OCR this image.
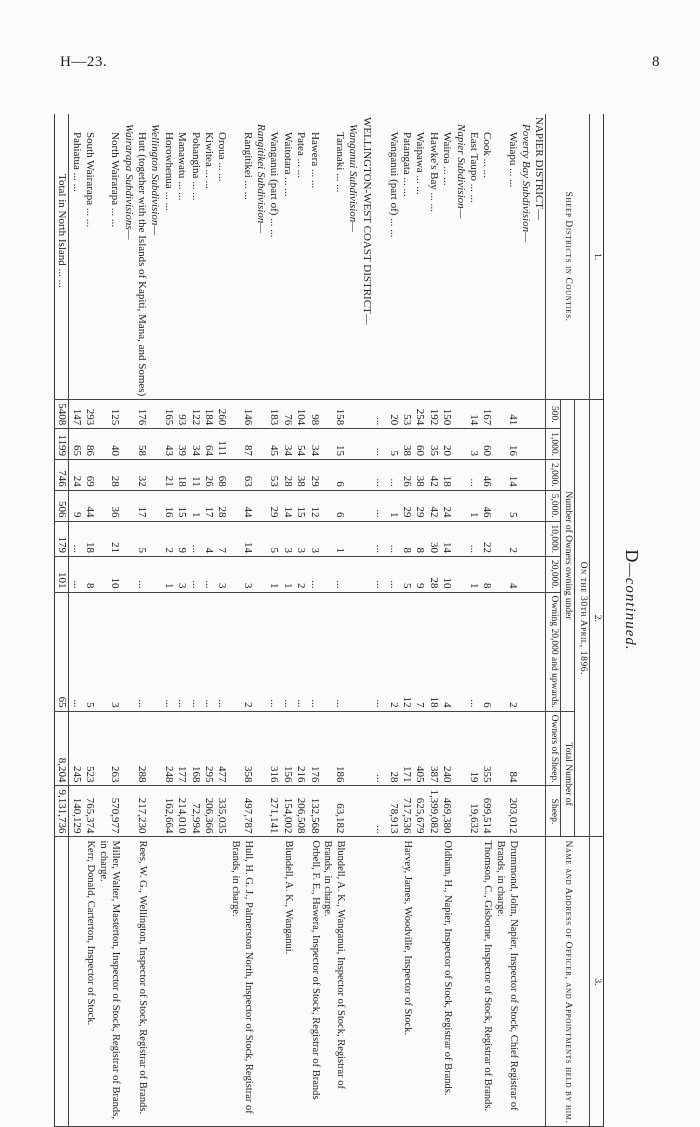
H—23.	8
D—continued.
1.	2.									3.
Sheep Districts in Counties.	On the 30th April, 1896.									Name and Address of Officer, and Appointments held by him.
	Number of Owners owning under							Total Number of		
	500.	1,000.	2,000.	5,000.	10,000.	20,000.	Owning 20,000 and upwards.	Owners of Sheep.	Sheep.	
NAPIER DISTRICT—										
Poverty Bay Subdivision—										
Waiapu ... ...	41	16	14	5	2	4	2	84	203,012	Drummond, John, Napier, Inspector of Stock, Chief Registrar of Brands, in charge.
Cook ... ...	167	60	46	46	22	8	6	355	699,514	Thomson, C., Gisborne, Inspector of Stock, Registrar of Brands.
East Taupo ... ...	14	3	...	1	...	1	...	19	19,632	
Napier Subdivision—										
Wairoa ... ...	150	20	18	24	14	10	4	240	469,380	Oldham, H., Napier, Inspector of Stock, Registrar of Brands.
Hawke's Bay ... ...	192	35	42	42	30	28	18	387	1,399,082	
Waipawa ... ...	254	60	38	29	8	9	7	405	625,679	
Patangata ... ...	53	38	26	29	8	5	12	171	717,536	Harvey, James, Woodville, Inspector of Stock.
Wanganui (part of) ... ...	20	5	...	1	...	...	2	28	78,913	
	...	...	...	...	...	...	...	...	...	
WELLINGTON-WEST COAST DISTRICT—										
Wanganui Subdivision—										
Taranaki ... ...	158	15	6	6	1	...	...	186	63,182	Blundell, A. K., Wanganui, Inspector of Stock, Registrar of Brands, in charge.
Hawera ... ...	98	34	29	12	3	...	...	176	132,568	Orbell, F. E., Hawera, Inspector of Stock, Registrar of Brands
Patea ... ...	104	54	38	15	3	2	...	216	206,508	
Waitotara ... ...	76	34	28	14	3	1	...	156	154,002	Blundell, A. K., Wanganui.
Wanganui (part of) ... ...	183	45	53	29	5	1	...	316	271,141	
Rangitikei Subdivision—										
Rangitikei ... ...	146	87	63	44	14	3	2	358	497,787	Hull, H. G. J., Palmerston North, Inspector of Stock, Registrar of Brands, in charge.
Oroua ... ...	260	111	68	28	7	3	...	477	335,035	
Kiwitea ... ...	184	64	26	17	4	...	...	295	206,366	
Pohangina ... ...	122	34	11	1	...	...	...	168	72,994	
Manawatu ... ...	93	39	18	15	9	3	...	177	214,010	
Horowhenua ... ...	165	43	21	16	2	1	...	248	162,664	
Wellington Subdivision—										
Hutt (together with the Islands of Kapiti, Mana, and Somes)	176	58	32	17	5	...	...	288	217,230	Rees, W. G., Wellington, Inspector of Stock, Registrar of Brands.
Wairarapa Subdivisions—										
North Wairarapa ... ...	125	40	28	36	21	10	3	263	570,977	Miller, Walter, Masterton, Inspector of Stock, Registrar of Brands, in charge.
South Wairarapa ... ...	293	86	69	44	18	8	5	523	765,374	Kerr, Donald, Carterton, Inspector of Stock.
Pahiatua ... ...	147	65	24	9	...	...	...	245	140,129	
Total in North Island ... ...	5408	1199	746	506	179	101	65	8,204	9,131,736	
